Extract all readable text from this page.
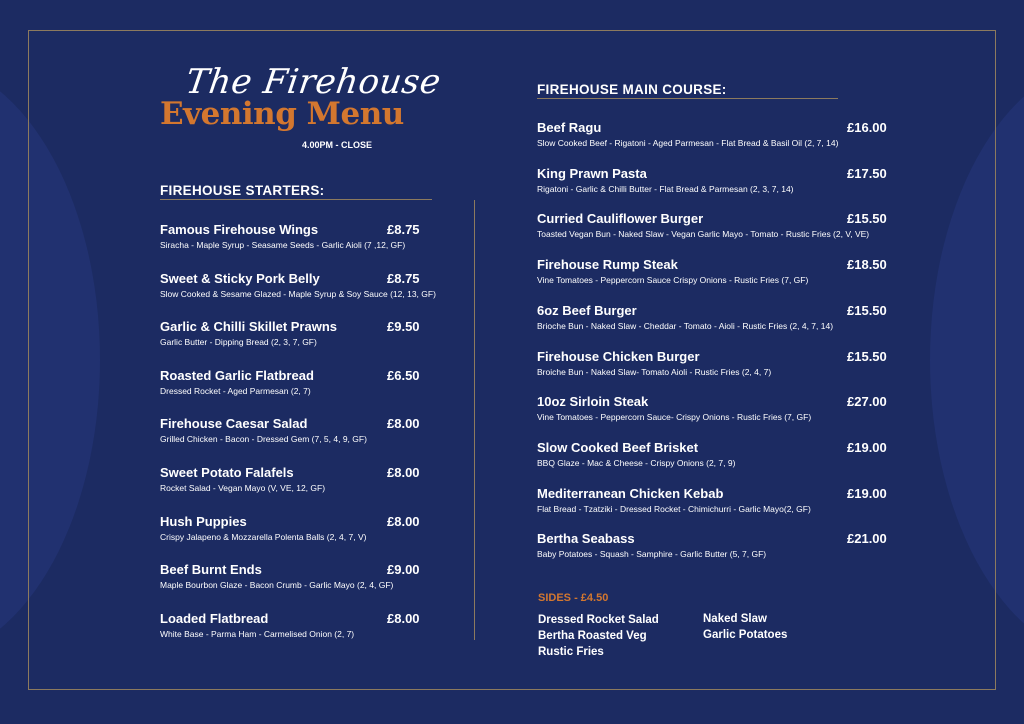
The Firehouse
Evening Menu
4.00PM - CLOSE
FIREHOUSE STARTERS:
Famous Firehouse Wings	£8.75
Siracha - Maple Syrup - Seasame Seeds - Garlic Aioli (7 ,12, GF)
Sweet & Sticky Pork Belly	£8.75
Slow Cooked & Sesame Glazed - Maple Syrup & Soy Sauce (12, 13, GF)
Garlic & Chilli Skillet Prawns	£9.50
Garlic Butter - Dipping Bread (2, 3, 7, GF)
Roasted Garlic Flatbread	£6.50
Dressed Rocket - Aged Parmesan (2, 7)
Firehouse Caesar Salad	£8.00
Grilled Chicken - Bacon - Dressed Gem (7, 5, 4, 9, GF)
Sweet Potato Falafels	£8.00
Rocket Salad - Vegan Mayo (V, VE, 12, GF)
Hush Puppies	£8.00
Crispy Jalapeno & Mozzarella Polenta Balls (2, 4, 7, V)
Beef Burnt Ends	£9.00
Maple Bourbon Glaze - Bacon Crumb - Garlic Mayo (2, 4, GF)
Loaded Flatbread	£8.00
White Base - Parma Ham - Carmelised Onion (2, 7)
FIREHOUSE MAIN COURSE:
Beef Ragu	£16.00
Slow Cooked Beef - Rigatoni - Aged Parmesan - Flat Bread & Basil Oil (2, 7, 14)
King Prawn Pasta	£17.50
Rigatoni - Garlic & Chilli Butter - Flat Bread & Parmesan (2, 3, 7, 14)
Curried Cauliflower Burger	£15.50
Toasted Vegan Bun - Naked Slaw - Vegan Garlic Mayo - Tomato - Rustic Fries (2, V, VE)
Firehouse Rump Steak	£18.50
Vine Tomatoes - Peppercorn Sauce Crispy Onions - Rustic Fries (7, GF)
6oz Beef Burger	£15.50
Brioche Bun - Naked Slaw - Cheddar - Tomato - Aioli - Rustic Fries (2, 4, 7, 14)
Firehouse Chicken Burger	£15.50
Broiche Bun - Naked Slaw- Tomato Aioli - Rustic Fries (2, 4, 7)
10oz Sirloin Steak	£27.00
Vine Tomatoes - Peppercorn Sauce- Crispy Onions - Rustic Fries (7, GF)
Slow Cooked Beef Brisket	£19.00
BBQ Glaze - Mac & Cheese - Crispy Onions (2, 7, 9)
Mediterranean Chicken Kebab	£19.00
Flat Bread - Tzatziki - Dressed Rocket - Chimichurri - Garlic Mayo(2, GF)
Bertha Seabass	£21.00
Baby Potatoes - Squash - Samphire - Garlic Butter (5, 7, GF)
SIDES - £4.50
Dressed Rocket Salad
Bertha Roasted Veg
Rustic Fries
Naked Slaw
Garlic Potatoes
